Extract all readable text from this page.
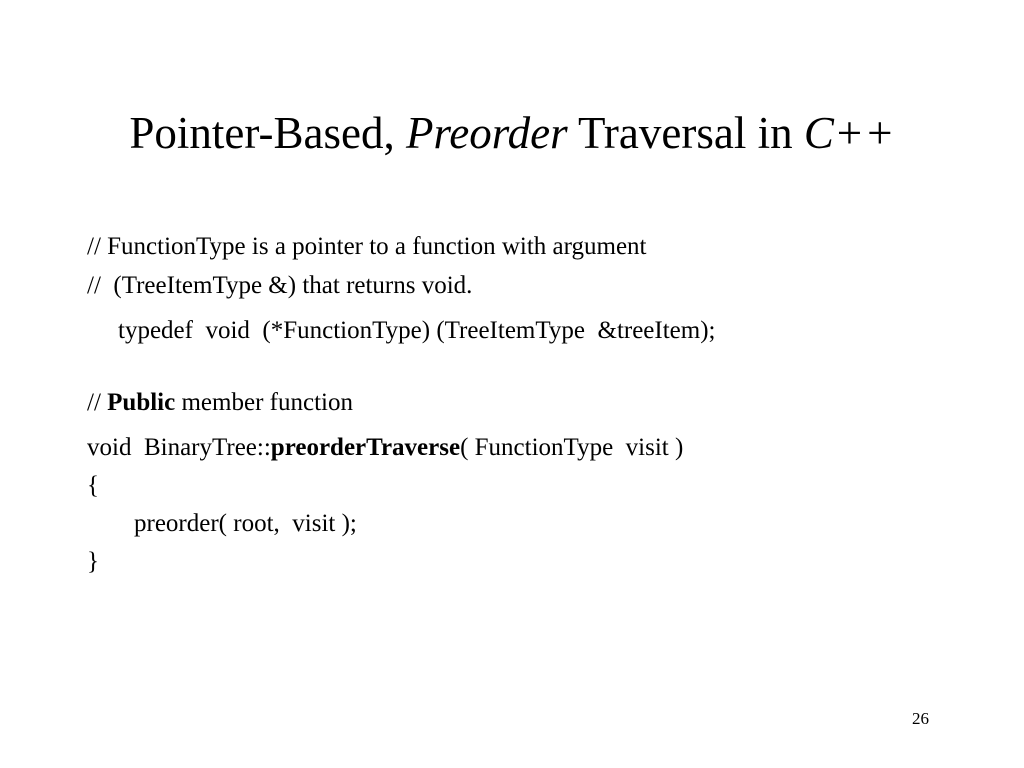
Pointer-Based, Preorder Traversal in C++
// FunctionType is a pointer to a function with argument
//  (TreeItemType &) that returns void.
typedef  void  (*FunctionType) (TreeItemType  &treeItem);
// Public member function
void  BinaryTree::preorderTraverse( FunctionType  visit )
{
preorder( root,  visit );
}
26
